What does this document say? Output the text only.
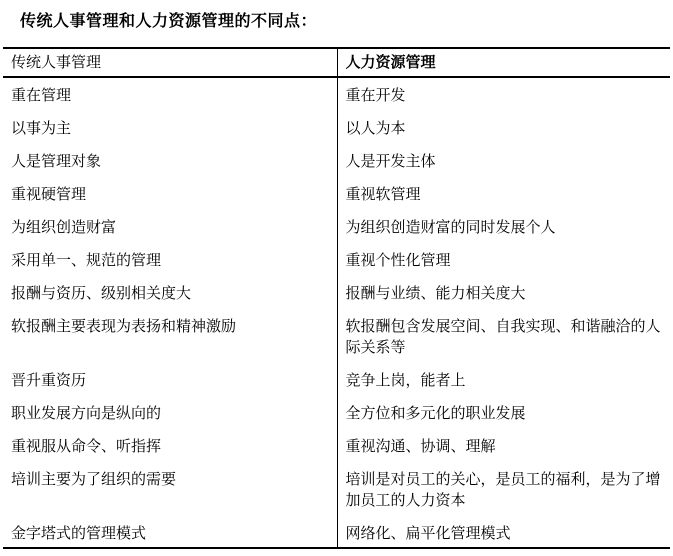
传统人事管理和人力资源管理的不同点：
传统人事管理	人力资源管理
重在管理	重在开发
以事为主	以人为本
人是管理对象	人是开发主体
重视硬管理	重视软管理
为组织创造财富	为组织创造财富的同时发展个人
采用单一、规范的管理	重视个性化管理
报酬与资历、级别相关度大	报酬与业绩、能力相关度大
软报酬主要表现为表扬和精神激励	软报酬包含发展空间、自我实现、和谐融洽的人际关系等
晋升重资历	竞争上岗，能者上
职业发展方向是纵向的	全方位和多元化的职业发展
重视服从命令、听指挥	重视沟通、协调、理解
培训主要为了组织的需要	培训是对员工的关心，是员工的福利，是为了增加员工的人力资本
金字塔式的管理模式	网络化、扁平化管理模式
